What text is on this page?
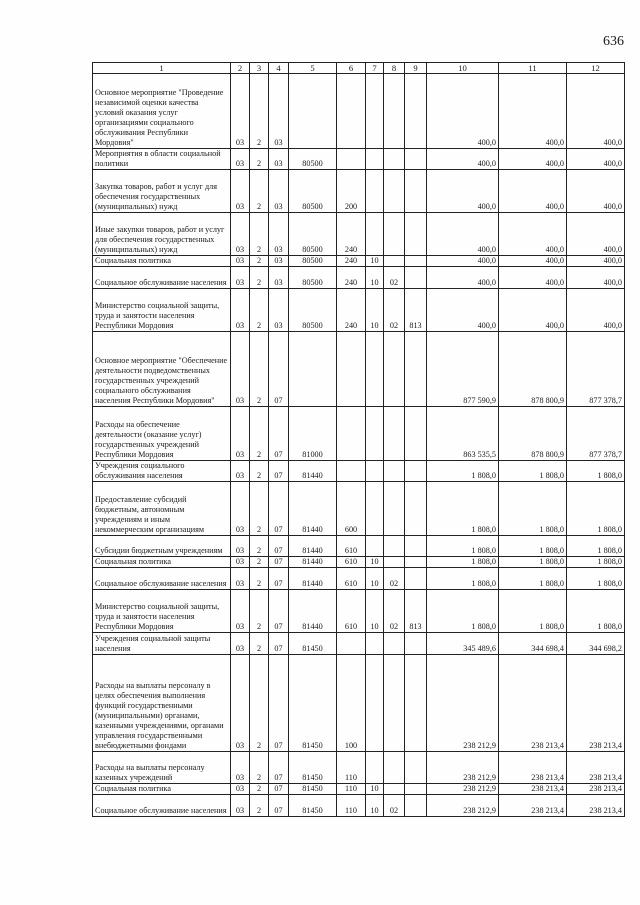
636
1	2	3	4	5	6	7	8	9	10	11	12
Основное мероприятие "Проведение независимой оценки качества условий оказания услуг организациями социального обслуживания Республики Мордовия"	03	2	03						400,0	400,0	400,0
Мероприятия в области социальной политики	03	2	03	80500					400,0	400,0	400,0
Закупка товаров, работ и услуг для обеспечения государственных (муниципальных) нужд	03	2	03	80500	200				400,0	400,0	400,0
Иные закупки товаров, работ и услуг для обеспечения государственных (муниципальных) нужд	03	2	03	80500	240				400,0	400,0	400,0
Социальная политика	03	2	03	80500	240	10			400,0	400,0	400,0
Социальное обслуживание населения	03	2	03	80500	240	10	02		400,0	400,0	400,0
Министерство социальной защиты, труда и занятости населения Республики Мордовия	03	2	03	80500	240	10	02	813	400,0	400,0	400,0
Основное мероприятие "Обеспечение деятельности подведомственных государственных учреждений социального обслуживания населения Республики Мордовия"	03	2	07						877 590,9	878 800,9	877 378,7
Расходы на обеспечение деятельности (оказание услуг) государственных учреждений Республики Мордовия	03	2	07	81000					863 535,5	878 800,9	877 378,7
Учреждения социального обслуживания населения	03	2	07	81440					1 808,0	1 808,0	1 808,0
Предоставление субсидий бюджетным, автономным учреждениям и иным некоммерческим организациям	03	2	07	81440	600				1 808,0	1 808,0	1 808,0
Субсидии бюджетным учреждениям	03	2	07	81440	610				1 808,0	1 808,0	1 808,0
Социальная политика	03	2	07	81440	610	10			1 808,0	1 808,0	1 808,0
Социальное обслуживание населения	03	2	07	81440	610	10	02		1 808,0	1 808,0	1 808,0
Министерство социальной защиты, труда и занятости населения Республики Мордовия	03	2	07	81440	610	10	02	813	1 808,0	1 808,0	1 808,0
Учреждения социальной защиты населения	03	2	07	81450					345 489,6	344 698,4	344 698,2
Расходы на выплаты персоналу в целях обеспечения выполнения функций государственными (муниципальными) органами, казенными учреждениями, органами управления государственными внебюджетными фондами	03	2	07	81450	100				238 212,9	238 213,4	238 213,4
Расходы на выплаты персоналу казенных учреждений	03	2	07	81450	110				238 212,9	238 213,4	238 213,4
Социальная политика	03	2	07	81450	110	10			238 212,9	238 213,4	238 213,4
Социальное обслуживание населения	03	2	07	81450	110	10	02		238 212,9	238 213,4	238 213,4
